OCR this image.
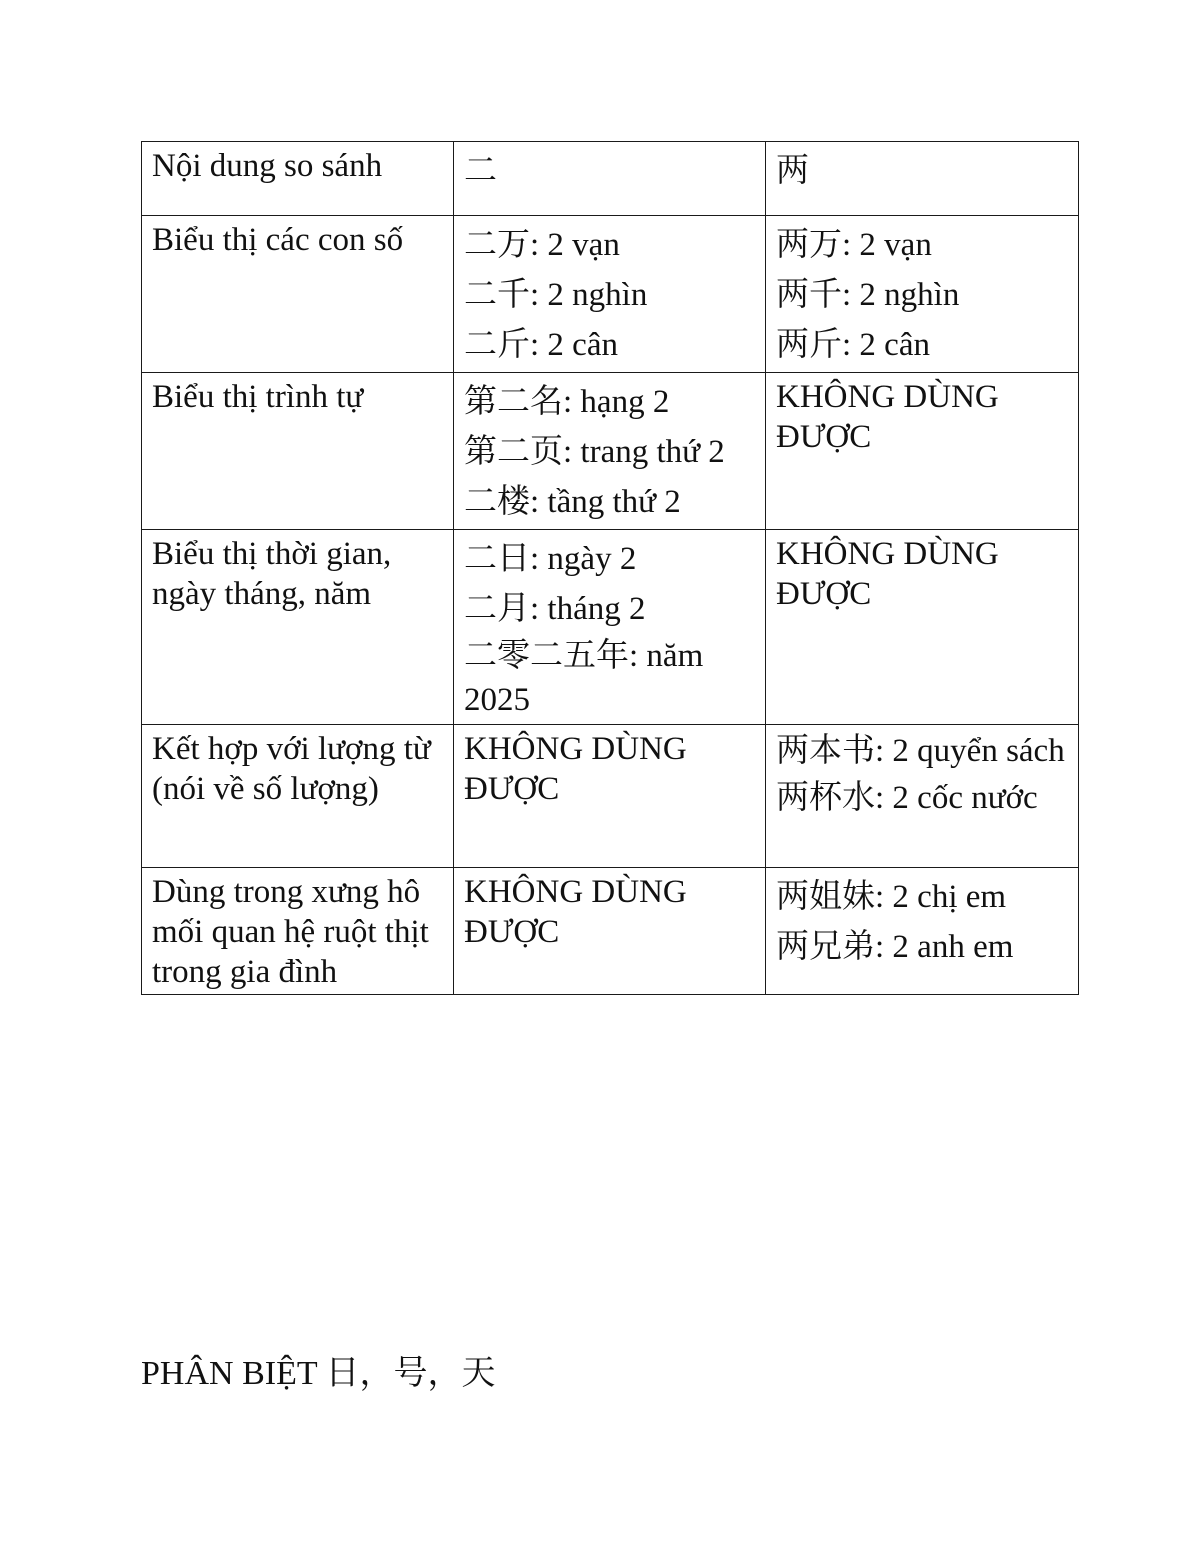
Nội dung so sánh	二	两

Biểu thị các con số	二万: 2 vạn
二千: 2 nghìn
二斤: 2 cân	两万: 2 vạn
两千: 2 nghìn
两斤: 2 cân

Biểu thị trình tự	第二名: hạng 2
第二页: trang thứ 2
二楼: tầng thứ 2	KHÔNG DÙNG ĐƯỢC

Biểu thị thời gian, ngày tháng, năm	二日: ngày 2
二月: tháng 2
二零二五年: năm 2025	KHÔNG DÙNG ĐƯỢC

Kết hợp với lượng từ (nói về số lượng)	KHÔNG DÙNG ĐƯỢC	两本书: 2 quyển sách
两杯水: 2 cốc nước

Dùng trong xưng hô mối quan hệ ruột thịt trong gia đình	KHÔNG DÙNG ĐƯỢC	两姐妹: 2 chị em
两兄弟: 2 anh em
PHÂN BIỆT 日，号，天
